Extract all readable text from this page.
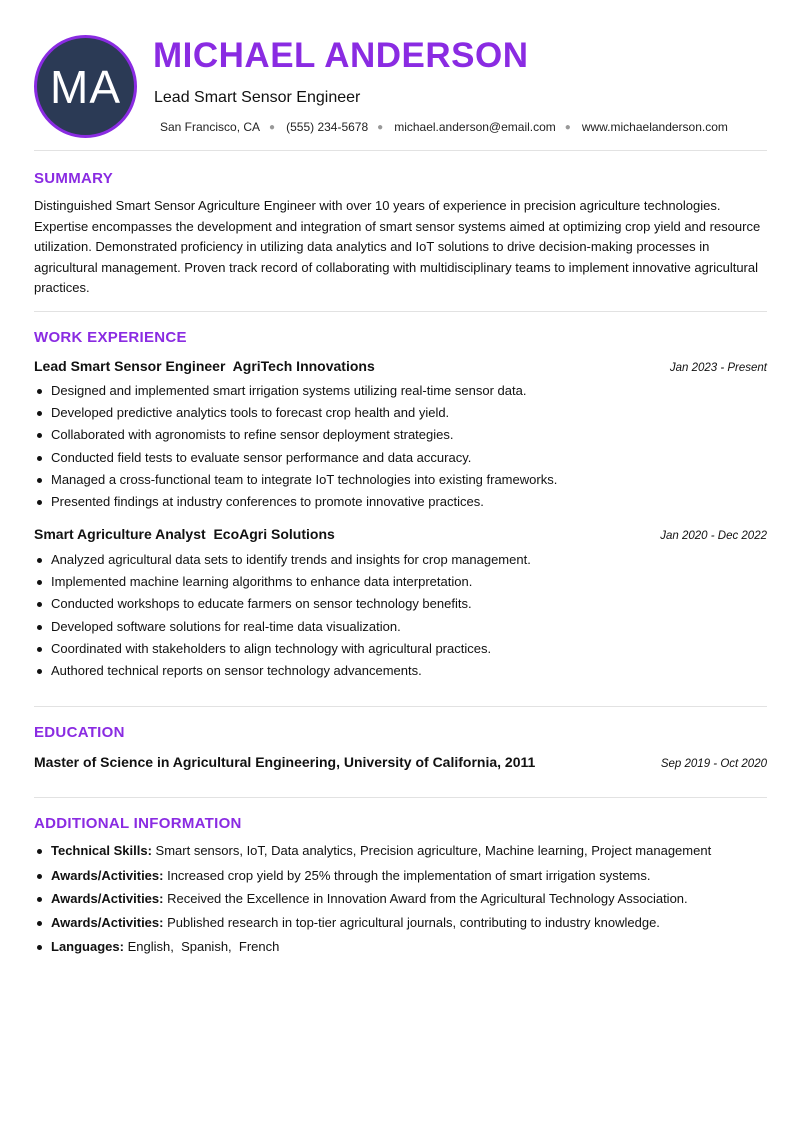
MA
MICHAEL ANDERSON
Lead Smart Sensor Engineer
San Francisco, CA ● (555) 234-5678 ● michael.anderson@email.com ● www.michaelanderson.com
SUMMARY

Distinguished Smart Sensor Agriculture Engineer with over 10 years of experience in precision agriculture technologies. Expertise encompasses the development and integration of smart sensor systems aimed at optimizing crop yield and resource utilization. Demonstrated proficiency in utilizing data analytics and IoT solutions to drive decision-making processes in agricultural management. Proven track record of collaborating with multidisciplinary teams to implement innovative agricultural practices.

WORK EXPERIENCE
Lead Smart Sensor Engineer  AgriTech Innovations	Jan 2023 - Present
Designed and implemented smart irrigation systems utilizing real-time sensor data.
Developed predictive analytics tools to forecast crop health and yield.
Collaborated with agronomists to refine sensor deployment strategies.
Conducted field tests to evaluate sensor performance and data accuracy.
Managed a cross-functional team to integrate IoT technologies into existing frameworks.
Presented findings at industry conferences to promote innovative practices.
Smart Agriculture Analyst  EcoAgri Solutions	Jan 2020 - Dec 2022
Analyzed agricultural data sets to identify trends and insights for crop management.
Implemented machine learning algorithms to enhance data interpretation.
Conducted workshops to educate farmers on sensor technology benefits.
Developed software solutions for real-time data visualization.
Coordinated with stakeholders to align technology with agricultural practices.
Authored technical reports on sensor technology advancements.
EDUCATION
Master of Science in Agricultural Engineering, University of California, 2011	Sep 2019 - Oct 2020
ADDITIONAL INFORMATION
Technical Skills: Smart sensors, IoT, Data analytics, Precision agriculture, Machine learning, Project management
Awards/Activities: Increased crop yield by 25% through the implementation of smart irrigation systems.
Awards/Activities: Received the Excellence in Innovation Award from the Agricultural Technology Association.
Awards/Activities: Published research in top-tier agricultural journals, contributing to industry knowledge.
Languages: English,  Spanish,  French
